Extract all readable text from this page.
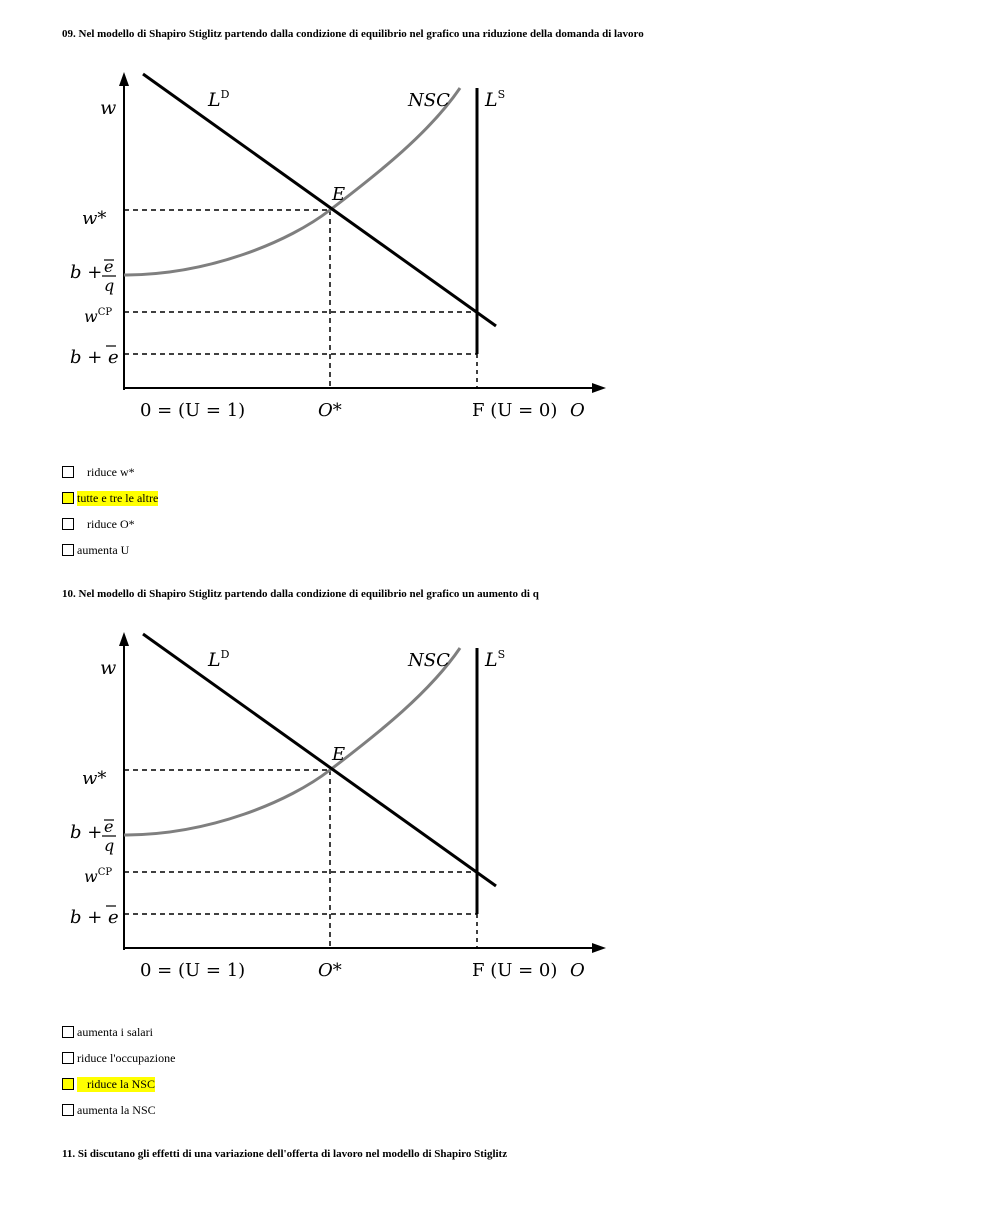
09. Nel modello di Shapiro Stiglitz partendo dalla condizione di equilibrio nel grafico una riduzione della domanda di lavoro
w	$L^D$	NSC $L^S$
E
w*
b + e
q
$w^{CP}$
b + e
0 = (U = 1)	O*	F (U = 0) O
riduce w*
tutte e tre le altre
riduce O*
aumenta U
10. Nel modello di Shapiro Stiglitz partendo dalla condizione di equilibrio nel grafico un aumento di q
w	$L^D$	NSC $L^S$
E
w*
b + e
q
$w^{CP}$
b + e
0 = (U = 1)	O*	F (U = 0) O
aumenta i salari
riduce l'occupazione
riduce la NSC
aumenta la NSC
11. Si discutano gli effetti di una variazione dell'offerta di lavoro nel modello di Shapiro Stiglitz
